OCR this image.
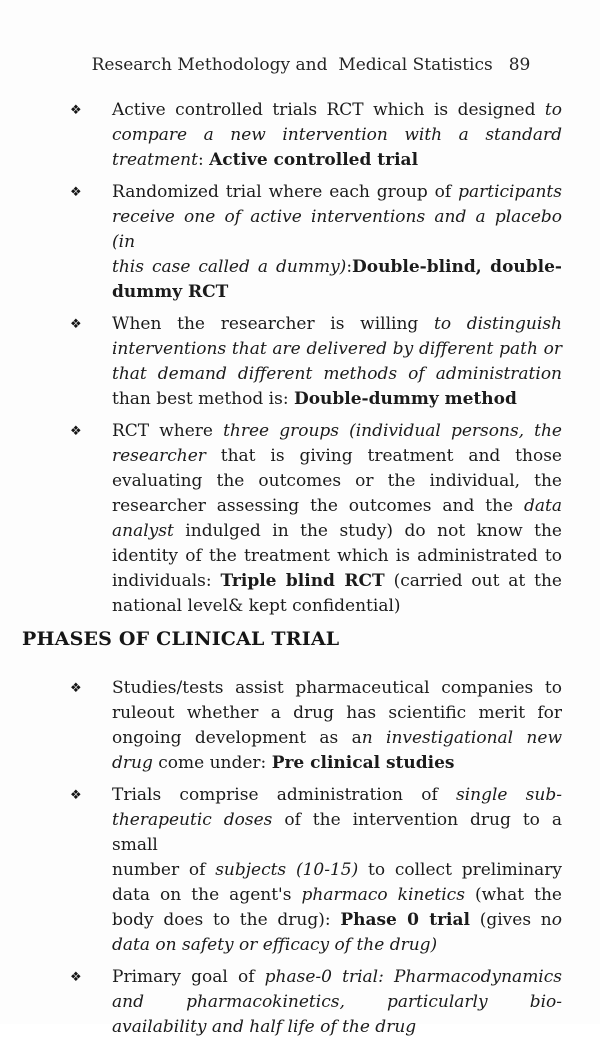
Research Methodology and  Medical Statistics 89
❖	Active controlled trials RCT which is designed to
compare a new intervention with a standard
treatment: Active controlled trial
❖	Randomized trial where each group of participants
receive one of active interventions and a placebo (in
this case called a dummy):Double-blind, double-
dummy RCT
❖	When the researcher is willing to distinguish
interventions that are delivered by different path or
that demand different methods of administration
than best method is: Double-dummy method
❖	RCT where three groups (individual persons, the
researcher that is giving treatment and those
evaluating the outcomes or the individual, the
researcher assessing the outcomes and the data
analyst indulged in the study) do not know the
identity of the treatment which is administrated to
individuals: Triple blind RCT (carried out at the
national level& kept confidential)
PHASES OF CLINICAL TRIAL
❖	Studies/tests assist pharmaceutical companies to
ruleout whether a drug has scientific merit for
ongoing development as an investigational new
drug come under: Pre clinical studies
❖	Trials comprise administration of single sub-
therapeutic doses of the intervention drug to a small
number of subjects (10-15) to collect preliminary
data on the agent's pharmaco kinetics (what the
body does to the drug): Phase 0 trial (gives no
data on safety or efficacy of the drug)
❖	Primary goal of phase-0 trial: Pharmacodynamics
and pharmacokinetics, particularly bio-
availability and half life of the drug
